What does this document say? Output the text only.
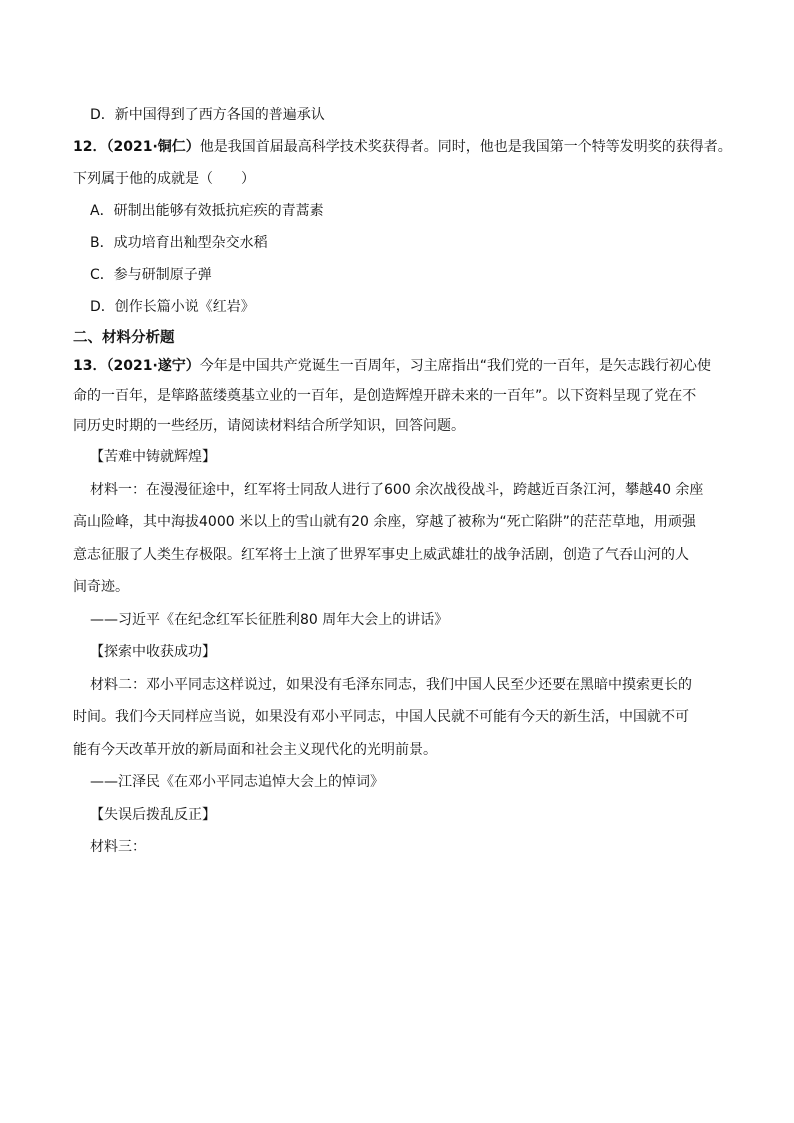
D．新中国得到了西方各国的普遍承认

12．（2021·铜仁）他是我国首届最高科学技术奖获得者。同时，他也是我国第一个特等发明奖的获得者。

下列属于他的成就是（　　）

A．研制出能够有效抵抗疟疾的青蒿素

B．成功培育出籼型杂交水稻

C．参与研制原子弹

D．创作长篇小说《红岩》

二、材料分析题

13．（2021·遂宁）今年是中国共产党诞生一百周年，习主席指出“我们党的一百年，是矢志践行初心使

命的一百年，是筚路蓝缕奠基立业的一百年，是创造辉煌开辟未来的一百年”。以下资料呈现了党在不

同历史时期的一些经历，请阅读材料结合所学知识，回答问题。

【苦难中铸就辉煌】

材料一：在漫漫征途中，红军将士同敌人进行了600 余次战役战斗，跨越近百条江河，攀越40 余座

高山险峰，其中海拔4000 米以上的雪山就有20 余座，穿越了被称为“死亡陷阱”的茫茫草地，用顽强

意志征服了人类生存极限。红军将士上演了世界军事史上威武雄壮的战争活剧，创造了气吞山河的人

间奇迹。

——习近平《在纪念红军长征胜利80 周年大会上的讲话》

【探索中收获成功】

材料二：邓小平同志这样说过，如果没有毛泽东同志，我们中国人民至少还要在黑暗中摸索更长的

时间。我们今天同样应当说，如果没有邓小平同志，中国人民就不可能有今天的新生活，中国就不可

能有今天改革开放的新局面和社会主义现代化的光明前景。

——江泽民《在邓小平同志追悼大会上的悼词》

【失误后拨乱反正】

材料三：
